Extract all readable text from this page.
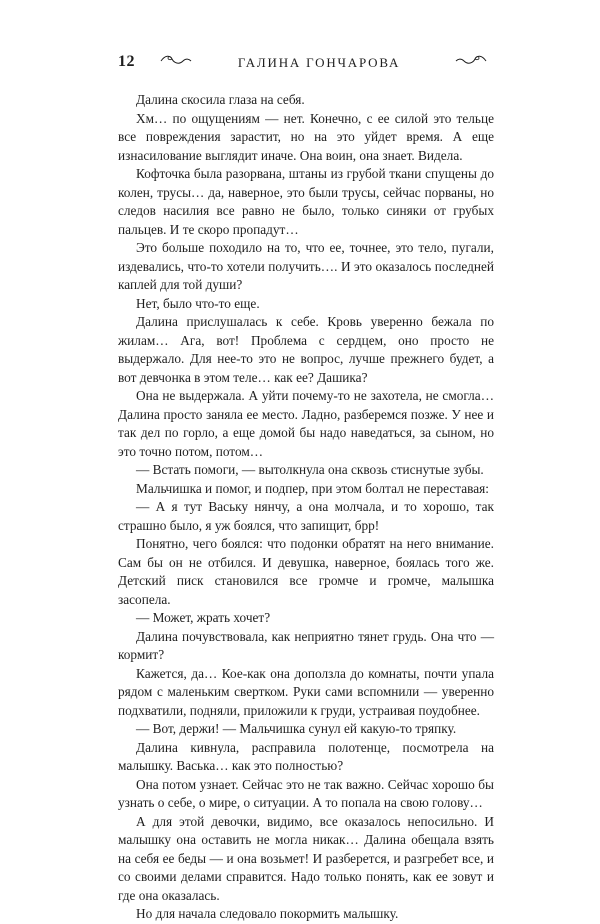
12	ГАЛИНА ГОНЧАРОВА

Далина скосила глаза на себя.

Хм… по ощущениям — нет. Конечно, с ее силой это тельце все повреждения зарастит, но на это уйдет время. А еще изнасилование выглядит иначе. Она воин, она знает. Видела.

Кофточка была разорвана, штаны из грубой ткани спущены до колен, трусы… да, наверное, это были трусы, сейчас порваны, но следов насилия все равно не было, только синяки от грубых пальцев. И те скоро пропадут…

Это больше походило на то, что ее, точнее, это тело, пугали, издевались, что-то хотели получить…. И это оказалось последней каплей для той души?

Нет, было что-то еще.

Далина прислушалась к себе. Кровь уверенно бежала по жилам… Ага, вот! Проблема с сердцем, оно просто не выдержало. Для нее-то это не вопрос, лучше прежнего будет, а вот девчонка в этом теле… как ее? Дашика?

Она не выдержала. А уйти почему-то не захотела, не смогла… Далина просто заняла ее место. Ладно, разберемся позже. У нее и так дел по горло, а еще домой бы надо наведаться, за сыном, но это точно потом, потом…

— Встать помоги, — вытолкнула она сквозь стиснутые зубы.

Мальчишка и помог, и подпер, при этом болтал не переставая:

— А я тут Ваську нянчу, а она молчала, и то хорошо, так страшно было, я уж боялся, что запищит, брр!

Понятно, чего боялся: что подонки обратят на него внимание. Сам бы он не отбился. И девушка, наверное, боялась того же. Детский писк становился все громче и громче, малышка засопела.

— Может, жрать хочет?

Далина почувствовала, как неприятно тянет грудь. Она что — кормит?

Кажется, да… Кое-как она доползла до комнаты, почти упала рядом с маленьким свертком. Руки сами вспомнили — уверенно подхватили, подняли, приложили к груди, устраивая поудобнее.

— Вот, держи! — Мальчишка сунул ей какую-то тряпку.

Далина кивнула, расправила полотенце, посмотрела на малышку. Васька… как это полностью?

Она потом узнает. Сейчас это не так важно. Сейчас хорошо бы узнать о себе, о мире, о ситуации. А то попала на свою голову…

А для этой девочки, видимо, все оказалось непосильно. И малышку она оставить не могла никак… Далина обещала взять на себя ее беды — и она возьмет! И разберется, и разгребет все, и со своими делами справится. Надо только понять, как ее зовут и где она оказалась.

Но для начала следовало покормить малышку.
